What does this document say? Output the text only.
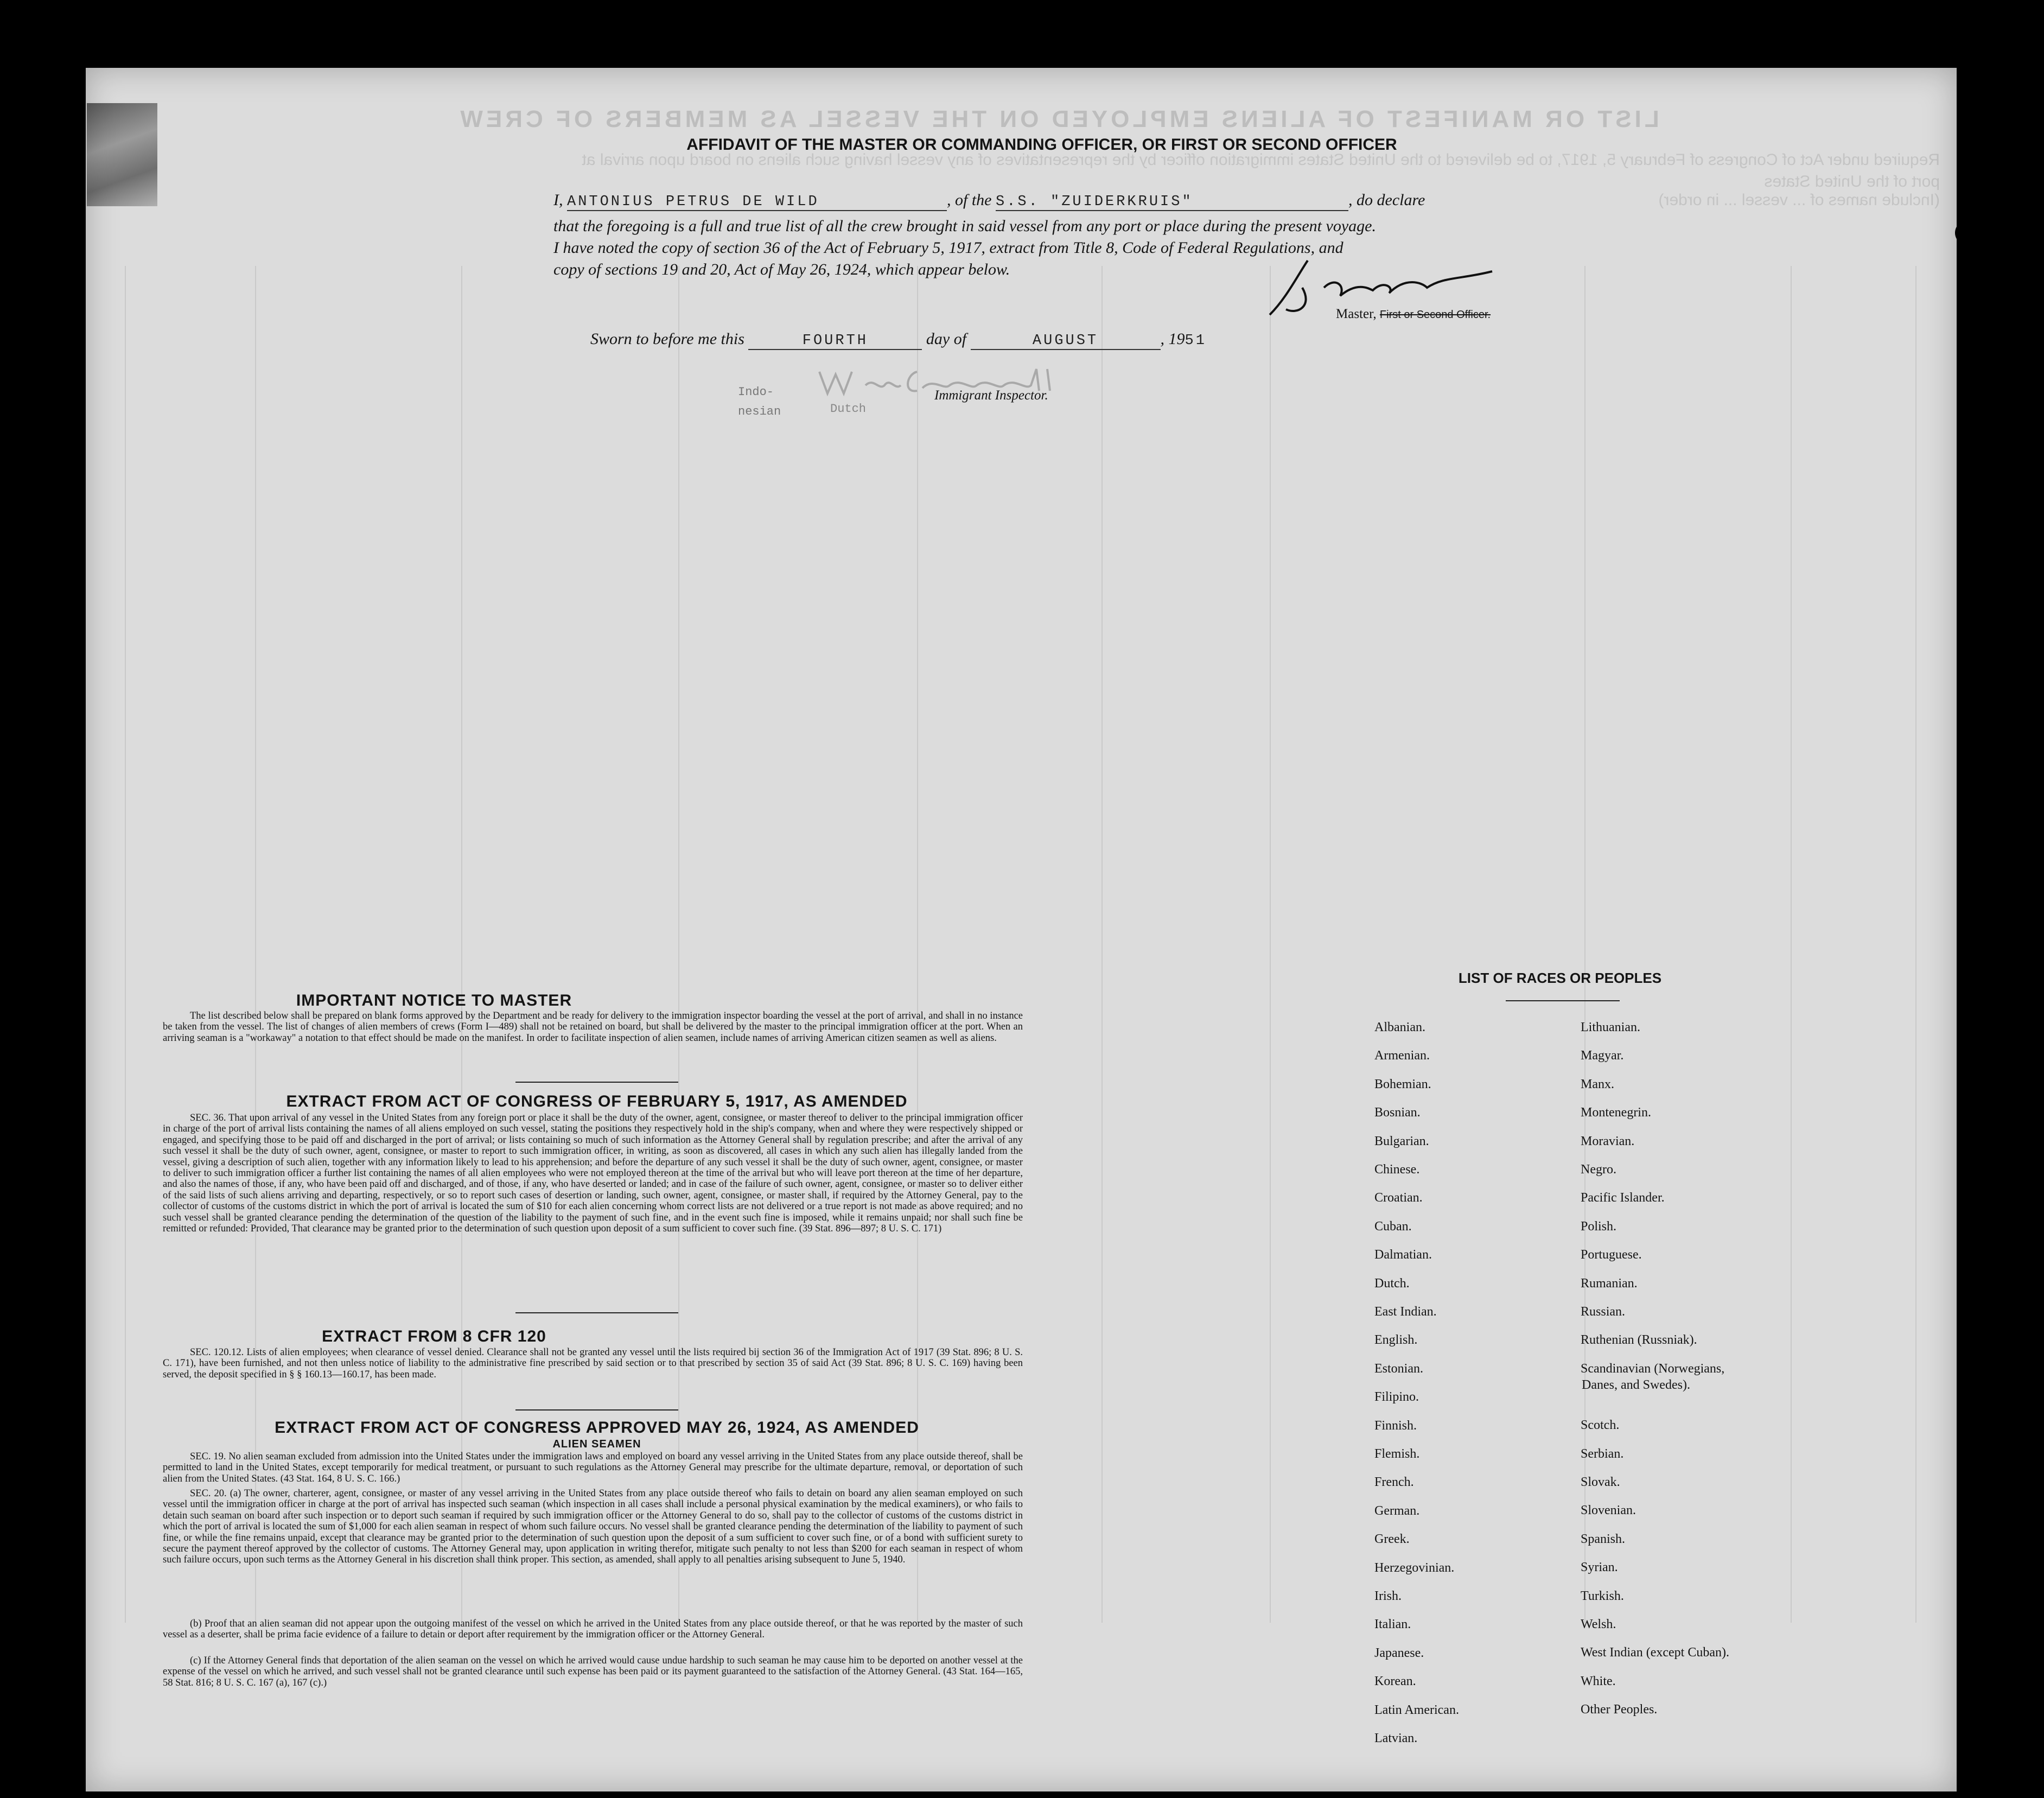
LIST OR MANIFEST OF ALIENS EMPLOYED ON THE VESSEL AS MEMBERS OF CREW
Required under Act of Congress of February 5, 1917, to be delivered to the United States immigration officer by the representatives of any vessel having such aliens on board upon arrival at
port of the United States
(Include names of ... vessel ... in order)
AFFIDAVIT OF THE MASTER OR COMMANDING OFFICER, OR FIRST OR SECOND OFFICER
I, ANTONIUS PETRUS DE WILD	, of the S.S. "ZUIDERKRUIS"	, do declare
that the foregoing is a full and true list of all the crew brought in said vessel from any port or place during the present voyage.
I have noted the copy of section 36 of the Act of February 5, 1917, extract from Title 8, Code of Federal Regulations, and
copy of sections 19 and 20, Act of May 26, 1924, which appear below.
Master, First or Second Officer.
Sworn to before me this	FOURTH	day of	AUGUST	, 1951
Immigrant Inspector.
Indo-
nesian	Dutch
IMPORTANT NOTICE TO MASTER
The list described below shall be prepared on blank forms approved by the Department and be ready for delivery to the immigration inspector boarding the vessel at the port of arrival, and shall in no instance be taken from the vessel. The list of changes of alien members of crews (Form I—489) shall not be retained on board, but shall be delivered by the master to the principal immigration officer at the port. When an arriving seaman is a "workaway" a notation to that effect should be made on the manifest. In order to facilitate inspection of alien seamen, include names of arriving American citizen seamen as well as aliens.
EXTRACT FROM ACT OF CONGRESS OF FEBRUARY 5, 1917, AS AMENDED
SEC. 36. That upon arrival of any vessel in the United States from any foreign port or place it shall be the duty of the owner, agent, consignee, or master thereof to deliver to the principal immigration officer in charge of the port of arrival lists containing the names of all aliens employed on such vessel, stating the positions they respectively hold in the ship's company, when and where they were respectively shipped or engaged, and specifying those to be paid off and discharged in the port of arrival; or lists containing so much of such information as the Attorney General shall by regulation prescribe; and after the arrival of any such vessel it shall be the duty of such owner, agent, consignee, or master to report to such immigration officer, in writing, as soon as discovered, all cases in which any such alien has illegally landed from the vessel, giving a description of such alien, together with any information likely to lead to his apprehension; and before the departure of any such vessel it shall be the duty of such owner, agent, consignee, or master to deliver to such immigration officer a further list containing the names of all alien employees who were not employed thereon at the time of the arrival but who will leave port thereon at the time of her departure, and also the names of those, if any, who have been paid off and discharged, and of those, if any, who have deserted or landed; and in case of the failure of such owner, agent, consignee, or master so to deliver either of the said lists of such aliens arriving and departing, respectively, or so to report such cases of desertion or landing, such owner, agent, consignee, or master shall, if required by the Attorney General, pay to the collector of customs of the customs district in which the port of arrival is located the sum of $10 for each alien concerning whom correct lists are not delivered or a true report is not made as above required; and no such vessel shall be granted clearance pending the determination of the question of the liability to the payment of such fine, and in the event such fine is imposed, while it remains unpaid; nor shall such fine be remitted or refunded: Provided, That clearance may be granted prior to the determination of such question upon deposit of a sum sufficient to cover such fine. (39 Stat. 896—897; 8 U. S. C. 171)
EXTRACT FROM 8 CFR 120
SEC. 120.12. Lists of alien employees; when clearance of vessel denied. Clearance shall not be granted any vessel until the lists required bij section 36 of the Immigration Act of 1917 (39 Stat. 896; 8 U. S. C. 171), have been furnished, and not then unless notice of liability to the administrative fine prescribed by said section or to that prescribed by section 35 of said Act (39 Stat. 896; 8 U. S. C. 169) having been served, the deposit specified in § § 160.13—160.17, has been made.
EXTRACT FROM ACT OF CONGRESS APPROVED MAY 26, 1924, AS AMENDED
ALIEN SEAMEN
SEC. 19. No alien seaman excluded from admission into the United States under the immigration laws and employed on board any vessel arriving in the United States from any place outside thereof, shall be permitted to land in the United States, except temporarily for medical treatment, or pursuant to such regulations as the Attorney General may prescribe for the ultimate departure, removal, or deportation of such alien from the United States. (43 Stat. 164, 8 U. S. C. 166.)
SEC. 20. (a) The owner, charterer, agent, consignee, or master of any vessel arriving in the United States from any place outside thereof who fails to detain on board any alien seaman employed on such vessel until the immigration officer in charge at the port of arrival has inspected such seaman (which inspection in all cases shall include a personal physical examination by the medical examiners), or who fails to detain such seaman on board after such inspection or to deport such seaman if required by such immigration officer or the Attorney General to do so, shall pay to the collector of customs of the customs district in which the port of arrival is located the sum of $1,000 for each alien seaman in respect of whom such failure occurs. No vessel shall be granted clearance pending the determination of the liability to payment of such fine, or while the fine remains unpaid, except that clearance may be granted prior to the determination of such question upon the deposit of a sum sufficient to cover such fine, or of a bond with sufficient surety to secure the payment thereof approved by the collector of customs. The Attorney General may, upon application in writing therefor, mitigate such penalty to not less than $200 for each seaman in respect of whom such failure occurs, upon such terms as the Attorney General in his discretion shall think proper. This section, as amended, shall apply to all penalties arising subsequent to June 5, 1940.
(b) Proof that an alien seaman did not appear upon the outgoing manifest of the vessel on which he arrived in the United States from any place outside thereof, or that he was reported by the master of such vessel as a deserter, shall be prima facie evidence of a failure to detain or deport after requirement by the immigration officer or the Attorney General.
(c) If the Attorney General finds that deportation of the alien seaman on the vessel on which he arrived would cause undue hardship to such seaman he may cause him to be deported on another vessel at the expense of the vessel on which he arrived, and such vessel shall not be granted clearance until such expense has been paid or its payment guaranteed to the satisfaction of the Attorney General. (43 Stat. 164—165, 58 Stat. 816; 8 U. S. C. 167 (a), 167 (c).)
LIST OF RACES OR PEOPLES
Albanian.
Armenian.
Bohemian.
Bosnian.
Bulgarian.
Chinese.
Croatian.
Cuban.
Dalmatian.
Dutch.
East Indian.
English.
Estonian.
Filipino.
Finnish.
Flemish.
French.
German.
Greek.
Herzegovinian.
Irish.
Italian.
Japanese.
Korean.
Latin American.
Latvian.
Lithuanian.
Magyar.
Manx.
Montenegrin.
Moravian.
Negro.
Pacific Islander.
Polish.
Portuguese.
Rumanian.
Russian.
Ruthenian (Russniak).
Scandinavian (Norwegians,
Danes, and Swedes).
Scotch.
Serbian.
Slovak.
Slovenian.
Spanish.
Syrian.
Turkish.
Welsh.
West Indian (except Cuban).
White.
Other Peoples.
